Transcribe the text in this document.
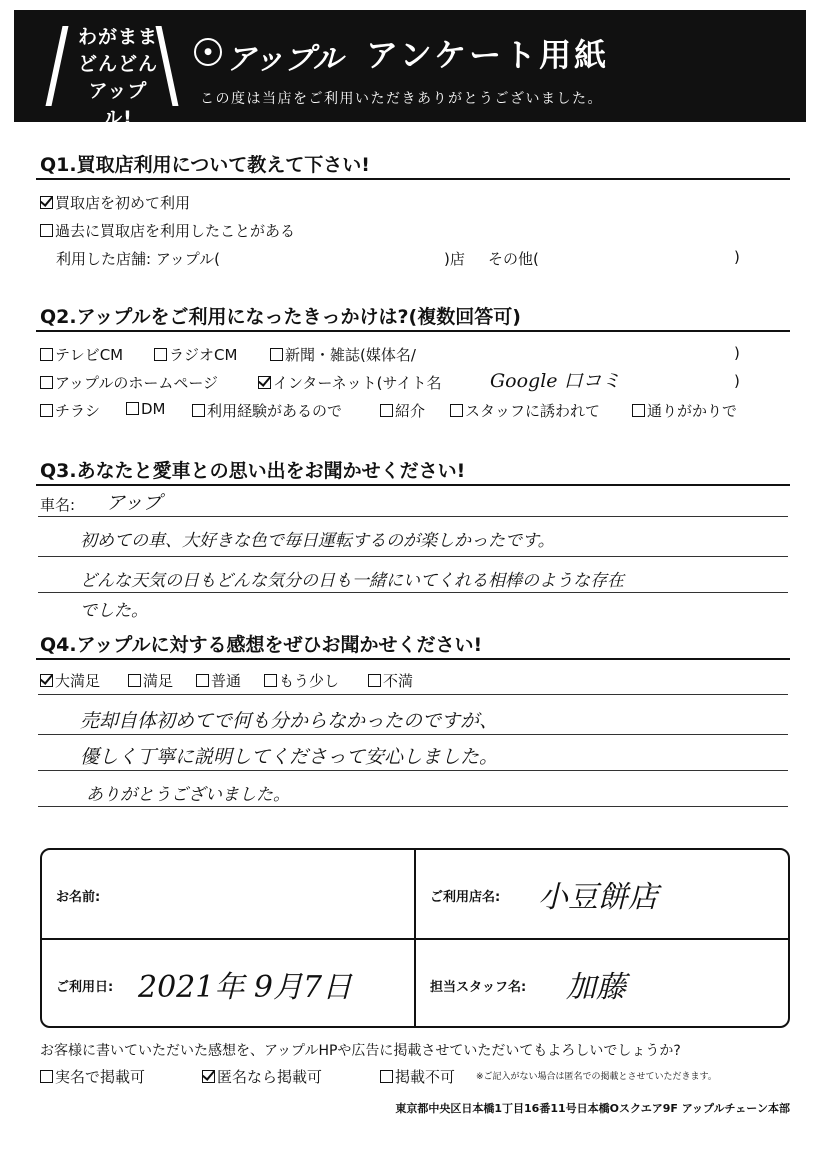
わがまま どんどん アップル!
● アップル アンケート用紙
この度は当店をご利用いただきありがとうございました。
Q1.買取店利用について教えて下さい!
買取店を初めて利用
過去に買取店を利用したことがある
利用した店舗: アップル(	)店 その他(	)
Q2.アップルをご利用になったきっかけは?(複数回答可)
テレビCM	ラジオCM	新聞・雑誌(媒体名/	)
アップルのホームページ	インターネット(サイト名	Google 口コミ	)
チラシ	DM	利用経験があるので	紹介	スタッフに誘われて	通りがかりで
Q3.あなたと愛車との思い出をお聞かせください!
車名: アップ
初めての車、大好きな色で毎日運転するのが楽しかったです。
どんな天気の日もどんな気分の日も一緒にいてくれる相棒のような存在
でした。
Q4.アップルに対する感想をぜひお聞かせください!
大満足	満足	普通	もう少し	不満
売却自体初めてで何も分からなかったのですが、
優しく丁寧に説明してくださって安心しました。
ありがとうございました。
お名前:	ご利用店名: 小豆餅店
ご利用日: 2021年 9月7日	担当スタッフ名: 加藤
お客様に書いていただいた感想を、アップルHPや広告に掲載させていただいてもよろしいでしょうか?
実名で掲載可	匿名なら掲載可	掲載不可 ※ご記入がない場合は匿名での掲載とさせていただきます。
東京都中央区日本橋1丁目16番11号日本橋Oスクエア9F アップルチェーン本部
